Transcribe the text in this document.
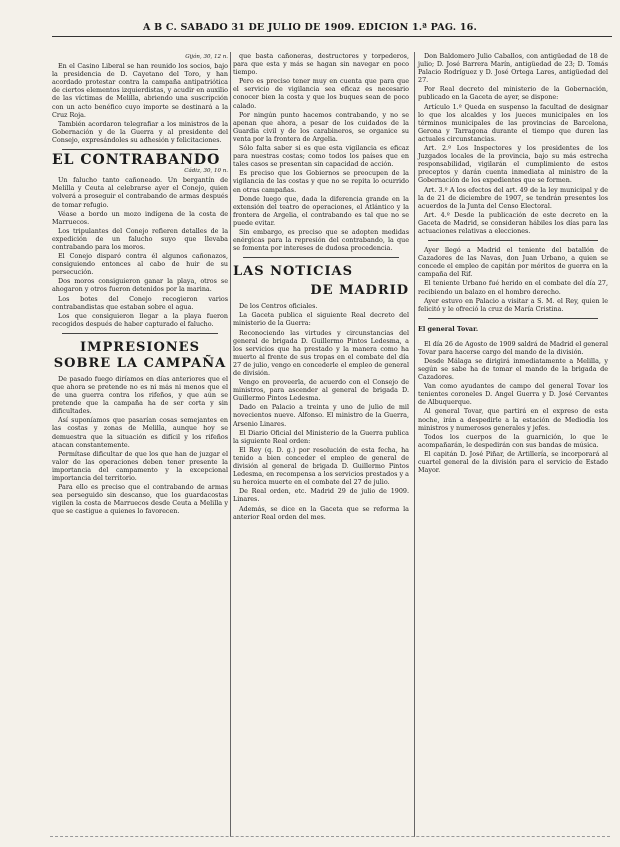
A B C. SABADO 31 DE JULIO DE 1909. EDICION 1.ª PAG. 16.
Gijón, 30, 12 n.

En el Casino Liberal se han reunido los socios, bajo la presidencia de D. Cayetano del Toro, y han acordado protestar contra la campaña antipatriótica de ciertos elementos izquierdistas, y acudir en auxilio de las víctimas de Melilla, abriendo una suscripción con un acto benéfico cuyo importe se destinará a la Cruz Roja.

También acordaron telegrafiar a los ministros de la Gobernación y de la Guerra y al presidente del Consejo, expresándoles su adhesión y felicitaciones.

EL CONTRABANDO
Cádiz, 30, 10 n.

Un falucho tanto cañoneado. Un bergantín de Melilla y Ceuta al celebrarse ayer el Conejo, quien volverá a proseguir el contrabando de armas después de tomar refugio.

Véase a bordo un mozo indígena de la costa de Marruecos.

Los tripulantes del Conejo refieren detalles de la expedición de un falucho suyo que llevaba contrabando para los moros.

El Conejo disparó contra él algunos cañonazos, consiguiendo entonces al cabo de huir de su persecución.

Dos moros consiguieron ganar la playa, otros se ahogaron y otros fueron detenidos por la marina.

Los botes del Conejo recogieron varios contrabandistas que estaban sobre el agua.

Los que consiguieron llegar a la playa fueron recogidos después de haber capturado el falucho.

IMPRESIONES SOBRE LA CAMPAÑA

De pasado fuego diríamos en días anteriores que el que ahora se pretende no es ni más ni menos que el de una guerra contra los rifeños, y que aún se pretende que la campaña ha de ser corta y sin dificultades.

Así suponíamos que pasarían cosas semejantes en las costas y zonas de Melilla, aunque hoy se demuestra que la situación es difícil y los rifeños atacan constantemente.

Permítase dificultar de que los que han de juzgar el valor de las operaciones deben tener presente la importancia del campamento y la excepcional importancia del territorio.

Para ello es preciso que el contrabando de armas sea perseguido sin descanso, que los guardacostas vigilen la costa de Marruecos desde Ceuta a Melilla y que se castigue a quienes lo favorecen.

que basta cañoneras, destructores y torpederos, para que esta y más se hagan sin navegar en poco tiempo.

Pero es preciso tener muy en cuenta que para que el servicio de vigilancia sea eficaz es necesario conocer bien la costa y que los buques sean de poco calado.

Por ningún punto hacemos contrabando, y no se apenan que ahora, a pesar de los cuidados de la Guardia civil y de los carabineros, se organice su venta por la frontera de Argelia.

Sólo falta saber si es que esta vigilancia es eficaz para nuestras costas; como todos los países que en tales casos se presentan sin capacidad de acción.

Es preciso que los Gobiernos se preocupen de la vigilancia de las costas y que no se repita lo ocurrido en otras campañas.

Donde luego que, dada la diferencia grande en la extensión del teatro de operaciones, el Atlántico y la frontera de Argelia, el contrabando es tal que no se puede evitar.

Sin embargo, es preciso que se adopten medidas enérgicas para la represión del contrabando, la que se fomenta por intereses de dudosa procedencia.

LAS NOTICIAS
DE MADRID

De los Centros oficiales.

La Gaceta publica el siguiente Real decreto del ministerio de la Guerra:

Reconociendo las virtudes y circunstancias del general de brigada D. Guillermo Pintos Ledesma, a los servicios que ha prestado y la manera como ha muerto al frente de sus tropas en el combate del día 27 de julio, vengo en concederle el empleo de general de división.

Vengo en proveerla, de acuerdo con el Consejo de ministros, para ascender al general de brigada D. Guillermo Pintos Ledesma.

Dado en Palacio a treinta y uno de julio de mil novecientos nueve. Alfonso. El ministro de la Guerra, Arsenio Linares.

El Diario Oficial del Ministerio de la Guerra publica la siguiente Real orden:

El Rey (q. D. g.) por resolución de esta fecha, ha tenido a bien conceder el empleo de general de división al general de brigada D. Guillermo Pintos Ledesma, en recompensa a los servicios prestados y a su heroica muerte en el combate del 27 de julio.

De Real orden, etc. Madrid 29 de julio de 1909. Linares.

Además, se dice en la Gaceta que se reforma la anterior Real orden del mes.

Don Baldomero Julio Caballos, con antigüedad de 18 de julio; D. José Barrera Marín, antigüedad de 23; D. Tomás Palacio Rodríguez y D. José Ortega Lares, antigüedad del 27.

Por Real decreto del ministerio de la Gobernación, publicado en la Gaceta de ayer, se dispone:

Artículo 1.º Queda en suspenso la facultad de designar lo que los alcaldes y los jueces municipales en los términos municipales de las provincias de Barcelona, Gerona y Tarragona durante el tiempo que duren las actuales circunstancias.

Art. 2.º Los Inspectores y los presidentes de los Juzgados locales de la provincia, bajo su más estrecha responsabilidad, vigilarán el cumplimiento de estos preceptos y darán cuenta inmediata al ministro de la Gobernación de los expedientes que se formen.

Art. 3.º A los efectos del art. 49 de la ley municipal y de la de 21 de diciembre de 1907, se tendrán presentes los acuerdos de la Junta del Censo Electoral.

Art. 4.º Desde la publicación de este decreto en la Gaceta de Madrid, se consideran hábiles los días para las actuaciones relativas a elecciones.

Ayer llegó a Madrid el teniente del batallón de Cazadores de las Navas, don Juan Urbano, a quien se concede el empleo de capitán por méritos de guerra en la campaña del Rif.

El teniente Urbano fué herido en el combate del día 27, recibiendo un balazo en el hombro derecho.

Ayer estuvo en Palacio a visitar a S. M. el Rey, quien le felicitó y le ofreció la cruz de María Cristina.

El general Tovar.

El día 26 de Agosto de 1909 saldrá de Madrid el general Tovar para hacerse cargo del mando de la división.

Desde Málaga se dirigirá inmediatamente a Melilla, y según se sabe ha de tomar el mando de la brigada de Cazadores.

Van como ayudantes de campo del general Tovar los tenientes coroneles D. Angel Guerra y D. José Cervantes de Albuquerque.

Al general Tovar, que partirá en el expreso de esta noche, irán a despedirle a la estación de Mediodía los ministros y numerosos generales y jefes.

Todos los cuerpos de la guarnición, lo que le acompañarán, le despedirán con sus bandas de música.

El capitán D. José Piñar, de Artillería, se incorporará al cuartel general de la división para el servicio de Estado Mayor.
